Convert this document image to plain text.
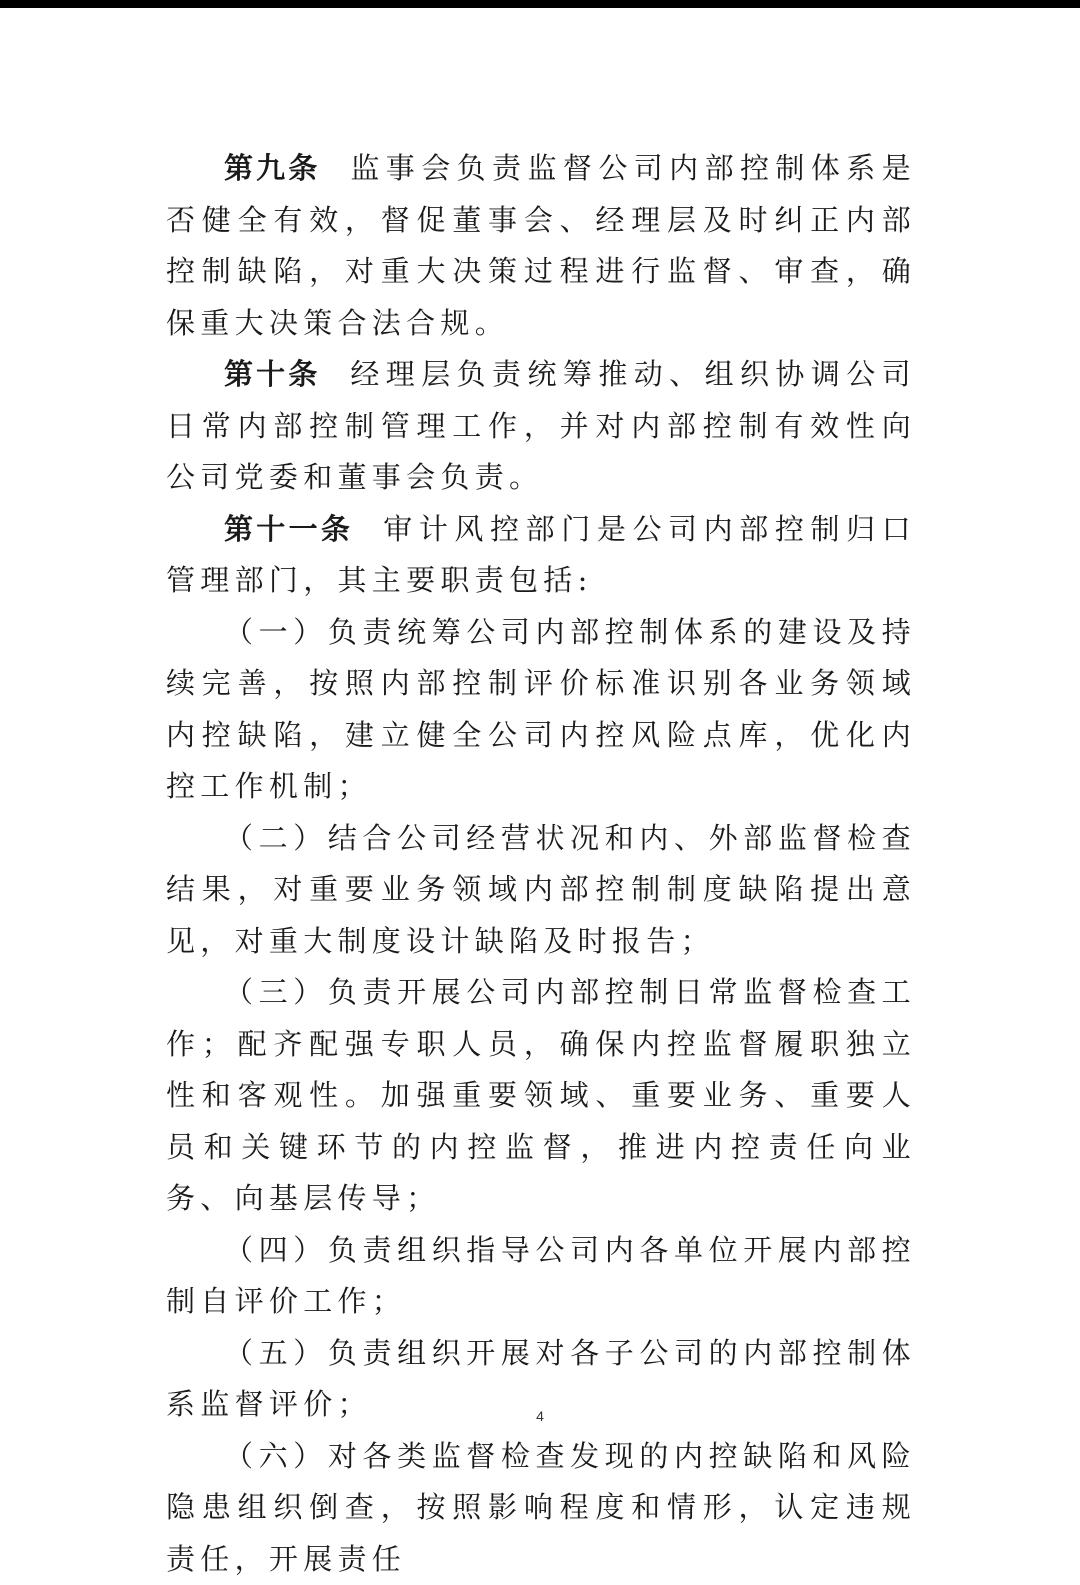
第九条 监事会负责监督公司内部控制体系是否健全有效，督促董事会、经理层及时纠正内部控制缺陷，对重大决策过程进行监督、审查，确保重大决策合法合规。

第十条 经理层负责统筹推动、组织协调公司日常内部控制管理工作，并对内部控制有效性向公司党委和董事会负责。

第十一条 审计风控部门是公司内部控制归口管理部门，其主要职责包括:

（一）负责统筹公司内部控制体系的建设及持续完善，按照内部控制评价标准识别各业务领域内控缺陷，建立健全公司内控风险点库，优化内控工作机制；

（二）结合公司经营状况和内、外部监督检查结果，对重要业务领域内部控制制度缺陷提出意见，对重大制度设计缺陷及时报告；

（三）负责开展公司内部控制日常监督检查工作；配齐配强专职人员，确保内控监督履职独立性和客观性。加强重要领域、重要业务、重要人员和关键环节的内控监督，推进内控责任向业务、向基层传导；

（四）负责组织指导公司内各单位开展内部控制自评价工作；

（五）负责组织开展对各子公司的内部控制体系监督评价；

（六）对各类监督检查发现的内控缺陷和风险隐患组织倒查，按照影响程度和情形，认定违规责任，开展责任

4
